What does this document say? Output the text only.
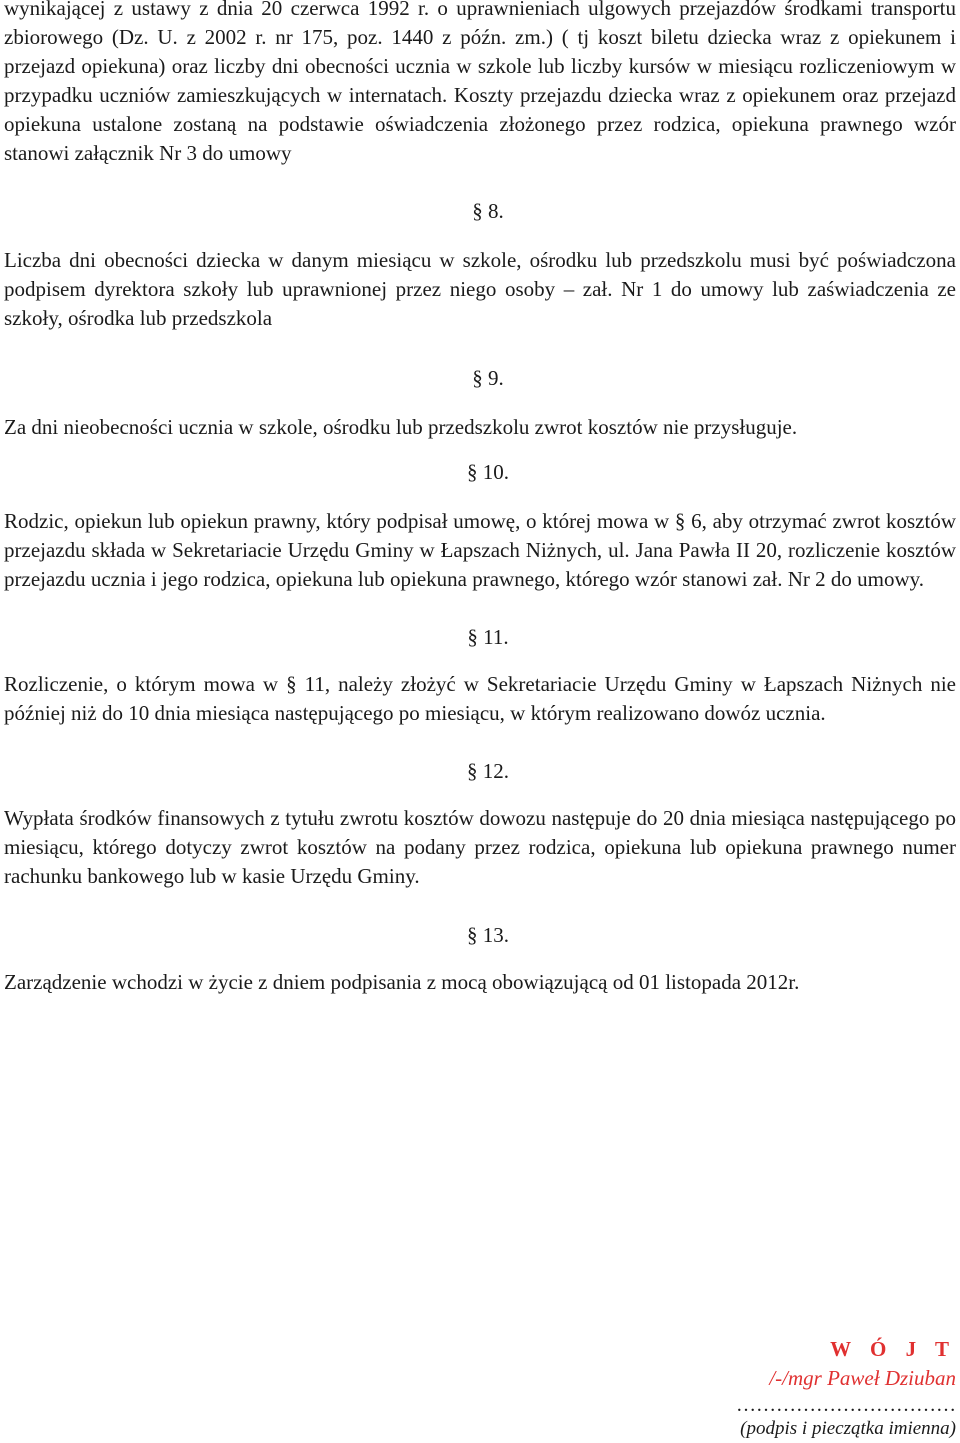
wynikającej z ustawy z dnia 20 czerwca 1992 r. o uprawnieniach ulgowych przejazdów środkami transportu zbiorowego (Dz. U. z 2002 r. nr 175, poz. 1440 z późn. zm.) ( tj koszt biletu dziecka wraz z opiekunem i przejazd opiekuna) oraz liczby dni obecności ucznia w szkole lub liczby kursów w miesiącu rozliczeniowym w przypadku uczniów zamieszkujących w internatach. Koszty przejazdu dziecka wraz z opiekunem oraz przejazd opiekuna ustalone zostaną na podstawie oświadczenia złożonego przez rodzica, opiekuna prawnego wzór stanowi załącznik Nr 3 do umowy

§ 8.

Liczba dni obecności dziecka w danym miesiącu w szkole, ośrodku lub przedszkolu musi być poświadczona podpisem dyrektora szkoły lub uprawnionej przez niego osoby – zał. Nr 1 do umowy lub zaświadczenia ze szkoły, ośrodka lub przedszkola

§ 9.

Za dni nieobecności ucznia w szkole, ośrodku lub przedszkolu zwrot kosztów nie przysługuje.

§ 10.

Rodzic, opiekun lub opiekun prawny, który podpisał umowę, o której mowa w § 6, aby otrzymać zwrot kosztów przejazdu składa w Sekretariacie Urzędu Gminy w Łapszach Niżnych, ul. Jana Pawła II 20, rozliczenie kosztów przejazdu ucznia i jego rodzica, opiekuna lub opiekuna prawnego, którego wzór stanowi zał. Nr 2 do umowy.

§ 11.

Rozliczenie, o którym mowa w § 11, należy złożyć w Sekretariacie Urzędu Gminy w Łapszach Niżnych nie później niż do 10 dnia miesiąca następującego po miesiącu, w którym realizowano dowóz ucznia.

§ 12.

Wypłata środków finansowych z tytułu zwrotu kosztów dowozu następuje do 20 dnia miesiąca następującego po miesiącu, którego dotyczy zwrot kosztów na podany przez rodzica, opiekuna lub opiekuna prawnego numer rachunku bankowego lub w kasie Urzędu Gminy.

§ 13.

Zarządzenie wchodzi w życie z dniem podpisania z mocą obowiązującą od 01 listopada 2012r.

W Ó J T

/-/mgr Paweł Dziuban

……………………………

(podpis i pieczątka imienna)
